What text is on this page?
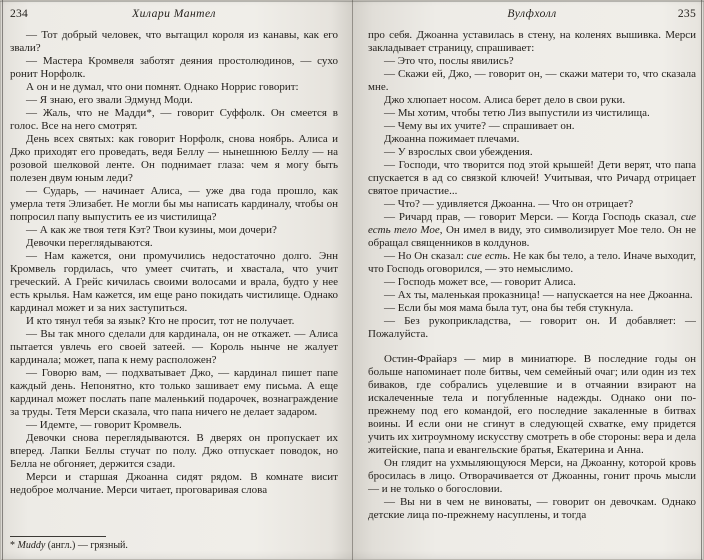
234	Хилари Мантел

— Тот добрый человек, что вытащил короля из канавы, как его звали?

— Мастера Кромвеля заботят деяния простолюдинов, — сухо ронит Норфолк.

А он и не думал, что они помнят. Однако Норрис говорит:

— Я знаю, его звали Эдмунд Моди.

— Жаль, что не Мадди*, — говорит Суффолк. Он смеется в голос. Все на него смотрят.

День всех святых: как говорит Норфолк, снова ноябрь. Алиса и Джо приходят его проведать, ведя Беллу — нынешнюю Беллу — на розовой шелковой ленте. Он поднимает глаза: чем я могу быть полезен двум юным леди?

— Сударь, — начинает Алиса, — уже два года прошло, как умерла тетя Элизабет. Не могли бы мы написать кардиналу, чтобы он попросил папу выпустить ее из чистилища?

— А как же твоя тетя Кэт? Твои кузины, мои дочери?

Девочки переглядываются.

— Нам кажется, они промучились недостаточно долго. Энн Кромвель гордилась, что умеет считать, и хвастала, что учит греческий. А Грейс кичилась своими волосами и врала, будто у нее есть крылья. Нам кажется, им еще рано покидать чистилище. Однако кардинал может и за них заступиться.

И кто тянул тебя за язык? Кто не просит, тот не получает.

— Вы так много сделали для кардинала, он не откажет. — Алиса пытается увлечь его своей затеей. — Король нынче не жалует кардинала; может, папа к нему расположен?

— Говорю вам, — подхватывает Джо, — кардинал пишет папе каждый день. Непонятно, кто только зашивает ему письма. А еще кардинал может послать папе маленький подарочек, вознаграждение за труды. Тетя Мерси сказала, что папа ничего не делает задаром.

— Идемте, — говорит Кромвель.

Девочки снова переглядываются. В дверях он пропускает их вперед. Лапки Беллы стучат по полу. Джо отпускает поводок, но Белла не обгоняет, держится сзади.

Мерси и старшая Джоанна сидят рядом. В комнате висит недоброе молчание. Мерси читает, проговаривая слова

* Muddy (англ.) — грязный.

Вулфхолл	235

про себя. Джоанна уставилась в стену, на коленях вышивка. Мерси закладывает страницу, спрашивает:

— Это что, послы явились?

— Скажи ей, Джо, — говорит он, — скажи матери то, что сказала мне.

Джо хлюпает носом. Алиса берет дело в свои руки.

— Мы хотим, чтобы тетю Лиз выпустили из чистилища.

— Чему вы их учите? — спрашивает он.

Джоанна пожимает плечами.

— У взрослых свои убеждения.

— Господи, что творится под этой крышей! Дети верят, что папа спускается в ад со связкой ключей! Учитывая, что Ричард отрицает святое причастие...

— Что? — удивляется Джоанна. — Что он отрицает?

— Ричард прав, — говорит Мерси. — Когда Господь сказал, сие есть тело Мое, Он имел в виду, это символизирует Мое тело. Он не обращал священников в колдунов.

— Но Он сказал: сие есть. Не как бы тело, а тело. Иначе выходит, что Господь оговорился, — это немыслимо.

— Господь может все, — говорит Алиса.

— Ах ты, маленькая проказница! — напускается на нее Джоанна.

— Если бы моя мама была тут, она бы тебя стукнула.

— Без рукоприкладства, — говорит он. И добавляет: — Пожалуйста.

Остин-Фрайарз — мир в миниатюре. В последние годы он больше напоминает поле битвы, чем семейный очаг; или один из тех биваков, где собрались уцелевшие и в отчаянии взирают на искалеченные тела и погубленные надежды. Однако они по-прежнему под его командой, его последние закаленные в битвах воины. И если они не сгинут в следующей схватке, ему придется учить их хитроумному искусству смотреть в обе стороны: вера и дела житейские, папа и евангельские братья, Екатерина и Анна.

Он глядит на ухмыляющуюся Мерси, на Джоанну, которой кровь бросилась в лицо. Отворачивается от Джоанны, гонит прочь мысли — и не только о богословии.

— Вы ни в чем не виноваты, — говорит он девочкам. Однако детские лица по-прежнему насуплены, и тогда
